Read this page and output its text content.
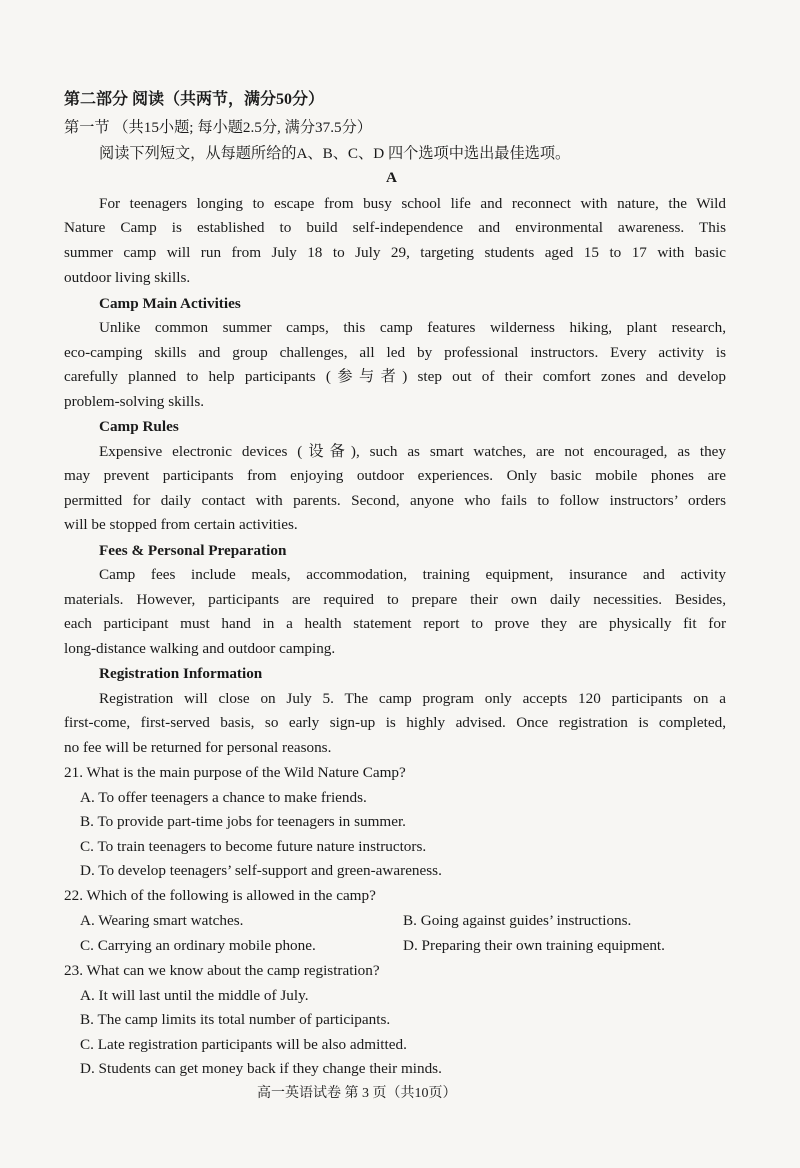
第二部分 阅读（共两节，满分50分）
第一节 （共15小题; 每小题2.5分, 满分37.5分）
阅读下列短文，从每题所给的A、B、C、D 四个选项中选出最佳选项。
A
For teenagers longing to escape from busy school life and reconnect with nature, the Wild
Nature Camp is established to build self-independence and environmental awareness. This
summer camp will run from July 18 to July 29, targeting students aged 15 to 17 with basic
outdoor living skills.
Camp Main Activities
Unlike common summer camps, this camp features wilderness hiking, plant research,
eco-camping skills and group challenges, all led by professional instructors. Every activity is
carefully planned to help participants (参与者) step out of their comfort zones and develop
problem-solving skills.
Camp Rules
Expensive electronic devices (设备), such as smart watches, are not encouraged, as they
may prevent participants from enjoying outdoor experiences. Only basic mobile phones are
permitted for daily contact with parents. Second, anyone who fails to follow instructors’ orders
will be stopped from certain activities.
Fees & Personal Preparation
Camp fees include meals, accommodation, training equipment, insurance and activity
materials. However, participants are required to prepare their own daily necessities. Besides,
each participant must hand in a health statement report to prove they are physically fit for
long-distance walking and outdoor camping.
Registration Information
Registration will close on July 5. The camp program only accepts 120 participants on a
first-come, first-served basis, so early sign-up is highly advised. Once registration is completed,
no fee will be returned for personal reasons.
21. What is the main purpose of the Wild Nature Camp?
A. To offer teenagers a chance to make friends.
B. To provide part-time jobs for teenagers in summer.
C. To train teenagers to become future nature instructors.
D. To develop teenagers’ self-support and green-awareness.
22. Which of the following is allowed in the camp?
A. Wearing smart watches.	B. Going against guides’ instructions.
C. Carrying an ordinary mobile phone.	D. Preparing their own training equipment.
23. What can we know about the camp registration?
A. It will last until the middle of July.
B. The camp limits its total number of participants.
C. Late registration participants will be also admitted.
D. Students can get money back if they change their minds.
高一英语试卷 第 3 页（共10页）
